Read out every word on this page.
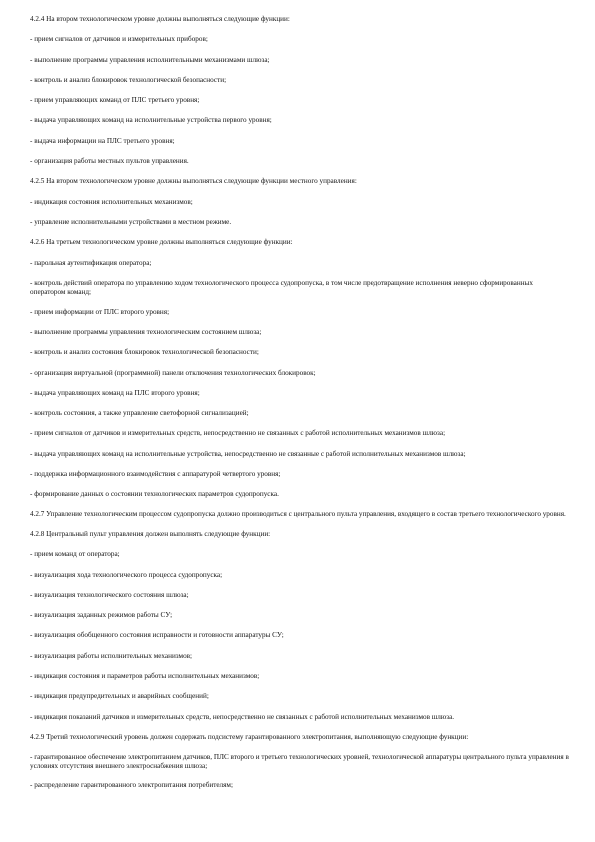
4.2.4 На втором технологическом уровне должны выполняться следующие функции:

- прием сигналов от датчиков и измерительных приборов;

- выполнение программы управления исполнительными механизмами шлюза;

- контроль и анализ блокировок технологической безопасности;

- прием управляющих команд от ПЛС третьего уровня;

- выдача управляющих команд на исполнительные устройства первого уровня;

- выдача информации на ПЛС третьего уровня;

- организация работы местных пультов управления.

4.2.5 На втором технологическом уровне должны выполняться следующие функции местного управления:

- индикация состояния исполнительных механизмов;

- управление исполнительными устройствами в местном режиме.

4.2.6 На третьем технологическом уровне должны выполняться следующие функции:

- парольная аутентификация оператора;

- контроль действий оператора по управлению ходом технологического процесса судопропуска, в том числе предотвращение исполнения неверно сформированных оператором команд;

- прием информации от ПЛС второго уровня;

- выполнение программы управления технологическим состоянием шлюза;

- контроль и анализ состояния блокировок технологической безопасности;

- организация виртуальной (программной) панели отключения технологических блокировок;

- выдача управляющих команд на ПЛС второго уровня;

- контроль состояния, а также управление светофорной сигнализацией;

- прием сигналов от датчиков и измерительных средств, непосредственно не связанных с работой исполнительных механизмов шлюза;

- выдача управляющих команд на исполнительные устройства, непосредственно не связанные с работой исполнительных механизмов шлюза;

- поддержка информационного взаимодействия с аппаратурой четвертого уровня;

- формирование данных о состоянии технологических параметров судопропуска.

4.2.7 Управление технологическим процессом судопропуска должно производиться с центрального пульта управления, входящего в состав третьего технологического уровня.

4.2.8 Центральный пульт управления должен выполнять следующие функции:

- прием команд от оператора;

- визуализация хода технологического процесса судопропуска;

- визуализация технологического состояния шлюза;

- визуализация заданных режимов работы СУ;

- визуализация обобщенного состояния исправности и готовности аппаратуры СУ;

- визуализация работы исполнительных механизмов;

- индикация состояния и параметров работы исполнительных механизмов;

- индикация предупредительных и аварийных сообщений;

- индикация показаний датчиков и измерительных средств, непосредственно не связанных с работой исполнительных механизмов шлюза.

4.2.9 Третий технологический уровень должен содержать подсистему гарантированного электропитания, выполняющую следующие функции:

- гарантированное обеспечение электропитанием датчиков, ПЛС второго и третьего технологических уровней, технологической аппаратуры центрального пульта управления в условиях отсутствия внешнего электроснабжения шлюза;

- распределение гарантированного электропитания потребителям;
